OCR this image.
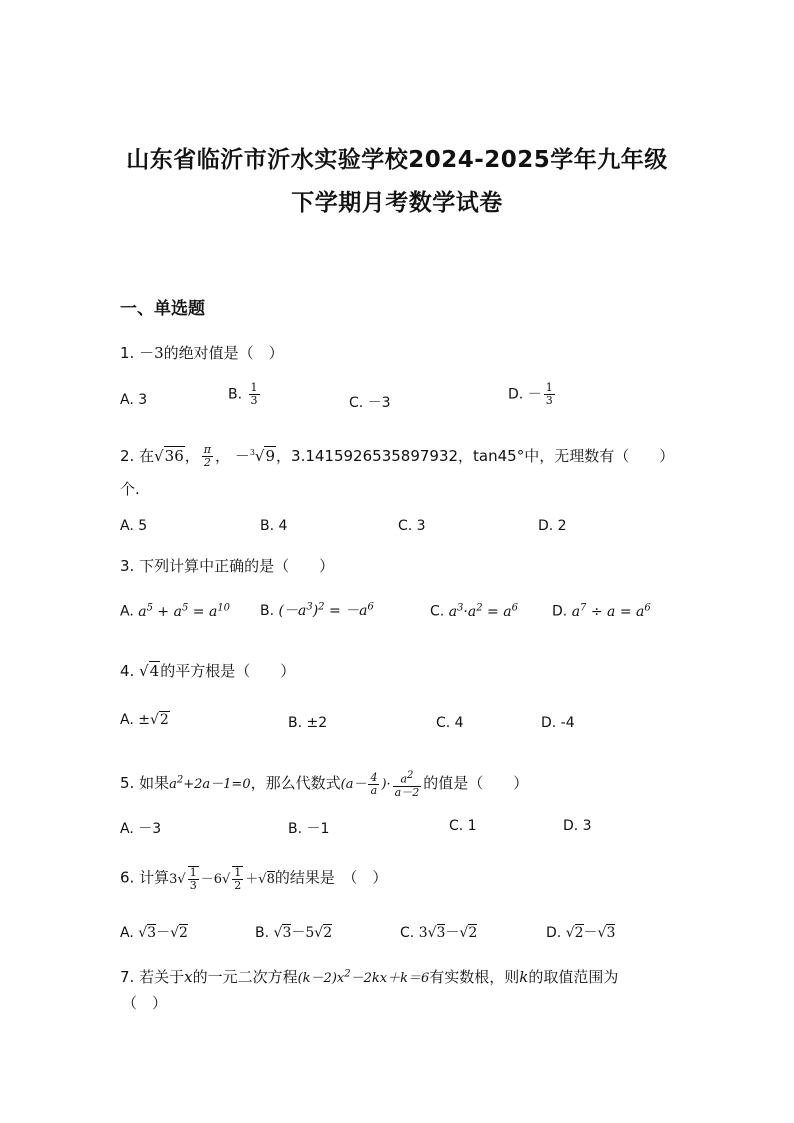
山东省临沂市沂水实验学校2024-2025学年九年级
下学期月考数学试卷
一、单选题
1. －3的绝对值是（　）
A. 3	B. $\frac{1}{3}$	C. －3
D. － $\frac{1}{3}$
2. 在√36， $\frac{\pi}{2}$ ， －$^3$√9，3.1415926535897932，tan45°中，无理数有（　　）
个.
A. 5	B. 4	C. 3	D. 2
3. 下列计算中正确的是（　　）
A. $a^5 + a^5 = a^{10}$ B. $(-a^3)^2 = -a^6$	C. $a^3\cdot a^2 = a^6$ D. $a^7 \div a = a^6$
4. √4的平方根是（　　）
A. ±√2	B. ±2	C. 4	D. -4
5. 如果$a^2+2a-1=0$，那么代数式($a- \frac{4}{a}$ )· $\frac{a^2}{a-2}$ 的值是（　　）
A. －3	B. －1	C. 1	D. 3
6. 计算$3√ \frac{1}{3} -6√ \frac{1}{2} +√8$的结果是　（　）
A. √3－√2	B. √3－5√2	C. 3√3－√2	D. √2－√3
7. 若关于x的一元二次方程$(k-2)x^2-2kx+k=6$有实数根，则k的取值范围为
（　）
